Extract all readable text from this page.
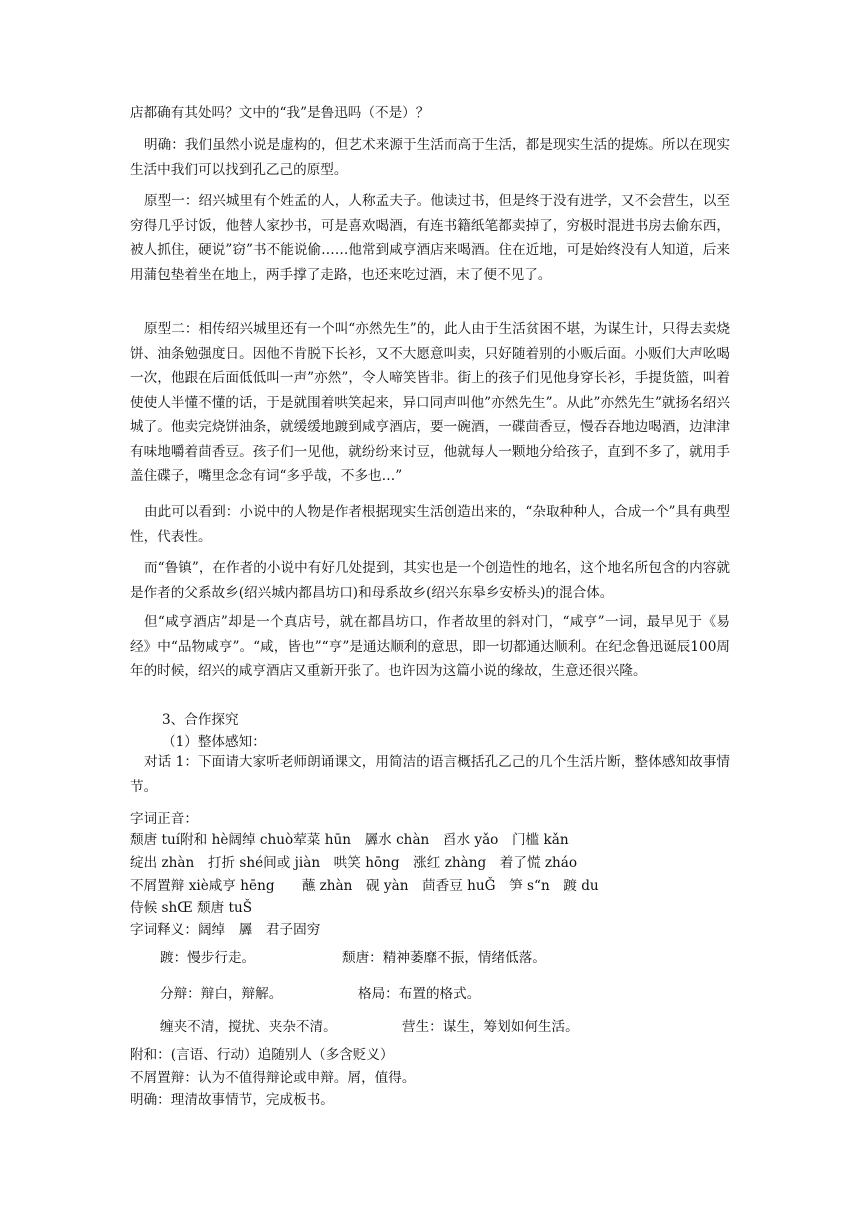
店都确有其处吗？文中的“我”是鲁迅吗（不是）？

明确：我们虽然小说是虚构的，但艺术来源于生活而高于生活，都是现实生活的提炼。所以在现实生活中我们可以找到孔乙己的原型。

原型一：绍兴城里有个姓孟的人，人称孟夫子。他读过书，但是终于没有进学，又不会营生，以至穷得几乎讨饭，他替人家抄书，可是喜欢喝酒，有连书籍纸笔都卖掉了，穷极时混进书房去偷东西，被人抓住，硬说”窃”书不能说偷……他常到咸亨酒店来喝酒。住在近地，可是始终没有人知道，后来用蒲包垫着坐在地上，两手撑了走路，也还来吃过酒，末了便不见了。

原型二：相传绍兴城里还有一个叫“亦然先生”的，此人由于生活贫困不堪，为谋生计，只得去卖烧饼、油条勉强度日。因他不肯脱下长衫，又不大愿意叫卖，只好随着别的小贩后面。小贩们大声吆喝一次，他跟在后面低低叫一声”亦然”，令人啼笑皆非。街上的孩子们见他身穿长衫，手提货篮，叫着使使人半懂不懂的话，于是就围着哄笑起来，异口同声叫他”亦然先生”。从此”亦然先生”就扬名绍兴城了。他卖完烧饼油条，就缓缓地踱到咸亨酒店，要一碗酒，一碟茴香豆，慢吞吞地边喝酒，边津津有味地嚼着茴香豆。孩子们一见他，就纷纷来讨豆，他就每人一颗地分给孩子，直到不多了，就用手盖住碟子，嘴里念念有词“多乎哉，不多也…”

由此可以看到：小说中的人物是作者根据现实生活创造出来的，“杂取种种人，合成一个”具有典型性，代表性。

而“鲁镇”，在作者的小说中有好几处提到，其实也是一个创造性的地名，这个地名所包含的内容就是作者的父系故乡(绍兴城内都昌坊口)和母系故乡(绍兴东皋乡安桥头)的混合体。

但“咸亨酒店”却是一个真店号，就在都昌坊口，作者故里的斜对门，“咸亨”一词，最早见于《易经》中“品物咸亨”。“咸，皆也”“亨”是通达顺利的意思，即一切都通达顺利。在纪念鲁迅诞辰100周年的时候，绍兴的咸亨酒店又重新开张了。也许因为这篇小说的缘故，生意还很兴隆。

3、合作探究

（1）整体感知：

对话 1：下面请大家听老师朗诵课文，用简洁的语言概括孔乙己的几个生活片断，整体感知故事情节。

字词正音：

颓唐 tuí附和 hè阔绰 chuò荤菜 hūn　羼水 chàn　舀水 yǎo　门槛 kǎn

绽出 zhàn　打折 shé间或 jiàn　哄笑 hōng　涨红 zhàng　着了慌 zháo

不屑置辩 xiè咸亨 hēng　　蘸 zhàn　砚 yàn　茴香豆 huǦ　笋 s“n　踱 du

侍候 shŒ 颓唐 tuŠ

字词释义：阔绰　羼　君子固穷

踱：慢步行走。	颓唐：精神萎靡不振，情绪低落。

分辩：辩白，辩解。	格局：布置的格式。

缠夹不清，搅扰、夹杂不清。	营生：谋生，筹划如何生活。

附和：(言语、行动）追随别人（多含贬义）

不屑置辩：认为不值得辩论或申辩。屑，值得。

明确：理清故事情节，完成板书。
